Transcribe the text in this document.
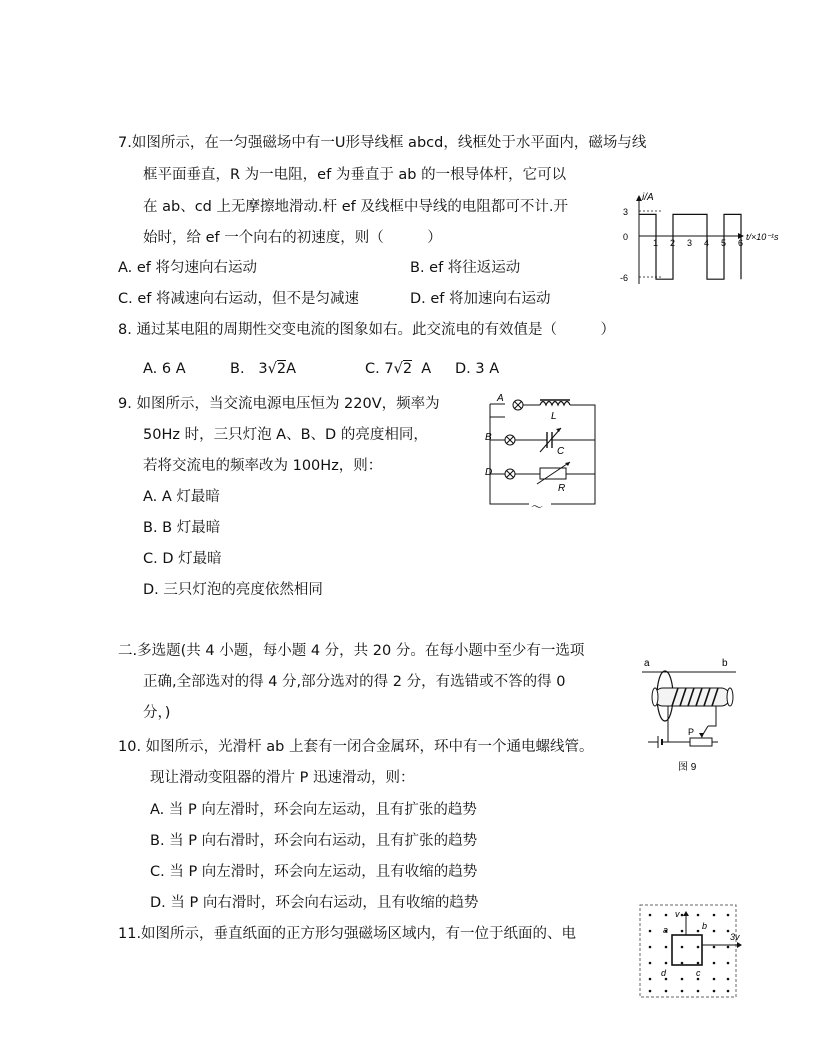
7.如图所示，在一匀强磁场中有一U形导线框 abcd，线框处于水平面内，磁场与线
框平面垂直，R 为一电阻，ef 为垂直于 ab 的一根导体杆，它可以
在 ab、cd 上无摩擦地滑动.杆 ef 及线框中导线的电阻都可不计.开
始时，给 ef 一个向右的初速度，则（　　　）
A. ef 将匀速向右运动	B. ef 将往返运动
C. ef 将减速向右运动，但不是匀减速	D. ef 将加速向右运动
i/A
t/×10⁻¹s
3
0
-6
1 2 3 4 5 6
8. 通过某电阻的周期性交变电流的图象如右。此交流电的有效值是（　　　）
A. 6 A	B. 3√2A	C. 7√2 A D. 3 A
9. 如图所示，当交流电源电压恒为 220V，频率为
50Hz 时，三只灯泡 A、B、D 的亮度相同，
若将交流电的频率改为 100Hz，则：
A. A 灯最暗
B. B 灯最暗
C. D 灯最暗
D. 三只灯泡的亮度依然相同
A
L
B
C
D
R
～
二.多选题(共 4 小题，每小题 4 分，共 20 分。在每小题中至少有一选项
正确,全部选对的得 4 分,部分选对的得 2 分，有选错或不答的得 0
分，)
10. 如图所示，光滑杆 ab 上套有一闭合金属环，环中有一个通电螺线管。
现让滑动变阻器的滑片 P 迅速滑动，则：
A. 当 P 向左滑时，环会向左运动，且有扩张的趋势
B. 当 P 向右滑时，环会向右运动，且有扩张的趋势
C. 当 P 向左滑时，环会向左运动，且有收缩的趋势
D. 当 P 向右滑时，环会向右运动，且有收缩的趋势
a	b
P
图 9
11.如图所示，垂直纸面的正方形匀强磁场区域内，有一位于纸面的、电	a	b
c
d
v
3v
